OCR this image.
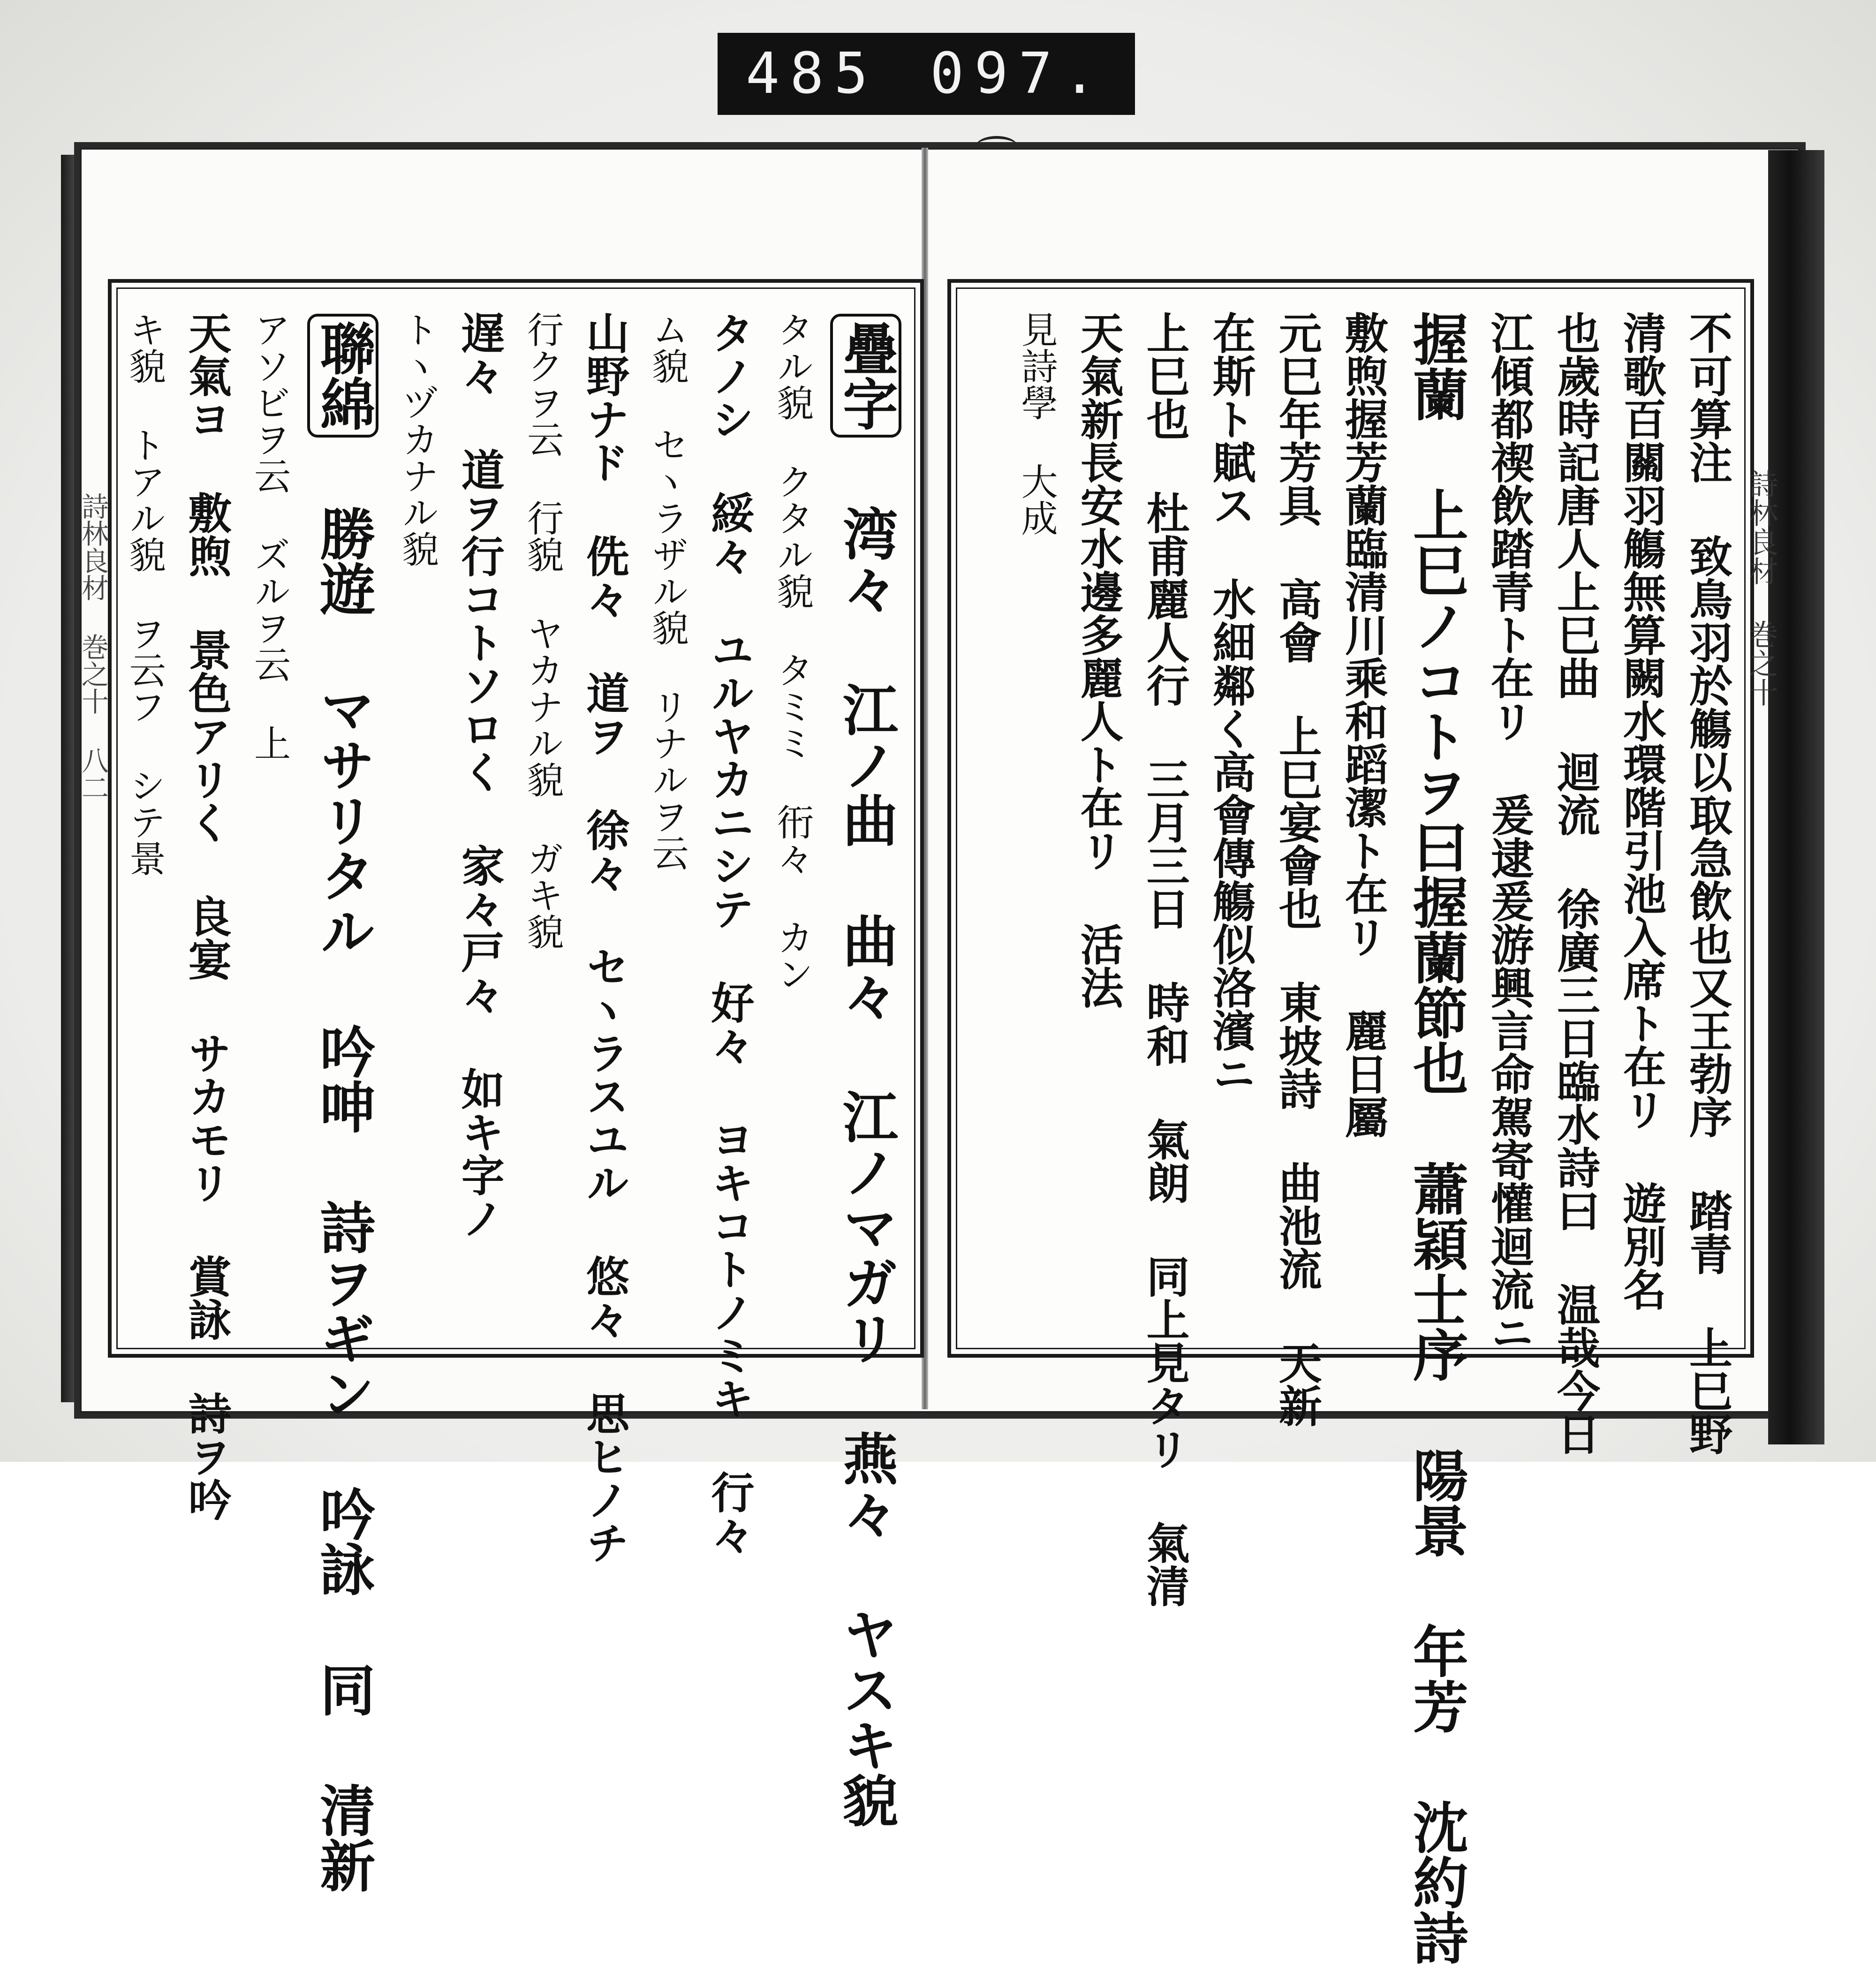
485 097.
疊字 湾々 江ノ曲 曲々 江ノマガリ 燕々 ヤスキ貌
タル貌 クタル貌 タミミ 衎々 カン
タノシ 綏々 ユルヤカニシテ 好々 ヨキコトノミキ 行々
ム貌 セヽラザル貌 リナルヲ云
山野ナド 侁々 道ヲ 徐々 セヽラスユル 悠々 思ヒノチ
行クヲ云 行貌 ヤカナル貌 ガキ貌
遅々 道ヲ行コトソロく 家々戸々 如キ字ノ
トヽヅカナル貌
聯綿 勝遊 マサリタル 吟呻 詩ヲギン 吟詠 同 清新
アソビヲ云 ズルヲ云 上
天氣ヨ 敷煦 景色アリく 良宴 サカモリ 賞詠 詩ヲ吟
キ貌 トアル貌 ヲ云フ シテ景	不可算注 致鳥羽於觴以取急飲也又王勃序 踏青 上巳野
清歌百關羽觴無算闕水環階引池入席ト在リ 遊別名
也歲時記唐人上巳曲 迴流 徐廣三日臨水詩曰 温哉今日
江傾都禊飲踏青ト在リ 爰逮爰游興言命駕寄懽迴流ニ
握蘭 上巳ノコトヲ曰握蘭節也 蕭穎士序 陽景 年芳 沈約詩
敷煦握芳蘭臨清川乘和蹈潔ト在リ 麗日屬
元巳年芳具 高會 上巳宴會也 東坡詩 曲池流 天新
在斯ト賦ス 水細鄰く高會傳觴似洛濱ニ
上巳也 杜甫麗人行 三月三日 時和 氣朗 同上見タリ 氣清
天氣新長安水邊多麗人ト在リ 活法
見詩學 大成
詩林良材 巻之十
詩林良材 巻之十 八二
